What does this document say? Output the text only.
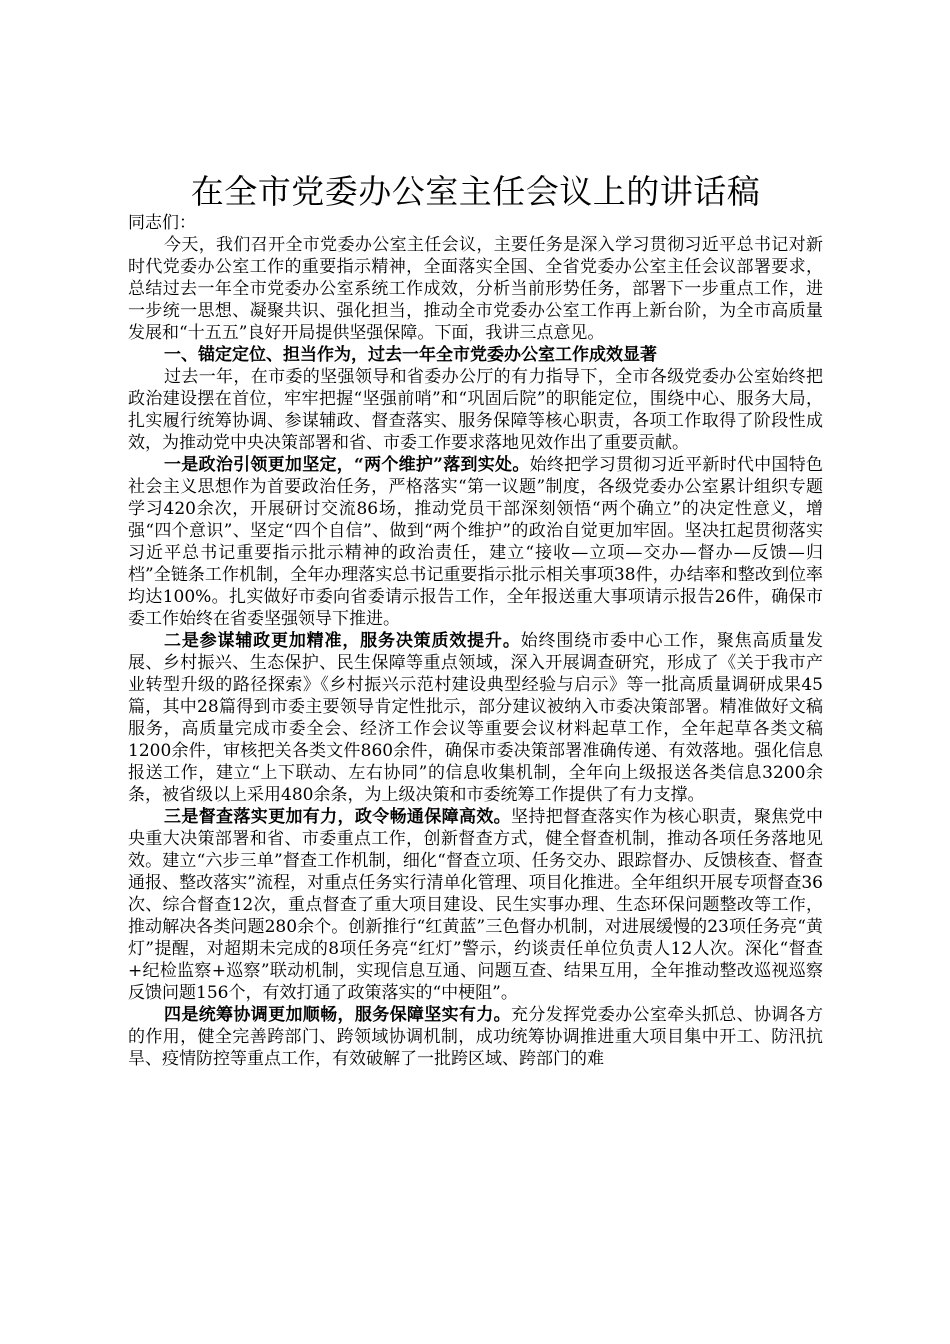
在全市党委办公室主任会议上的讲话稿

同志们：

今天，我们召开全市党委办公室主任会议，主要任务是深入学习贯彻习近平总书记对新时代党委办公室工作的重要指示精神，全面落实全国、全省党委办公室主任会议部署要求，总结过去一年全市党委办公室系统工作成效，分析当前形势任务，部署下一步重点工作，进一步统一思想、凝聚共识、强化担当，推动全市党委办公室工作再上新台阶，为全市高质量发展和“十五五”良好开局提供坚强保障。下面，我讲三点意见。

一、锚定定位、担当作为，过去一年全市党委办公室工作成效显著

过去一年，在市委的坚强领导和省委办公厅的有力指导下，全市各级党委办公室始终把政治建设摆在首位，牢牢把握“坚强前哨”和“巩固后院”的职能定位，围绕中心、服务大局，扎实履行统筹协调、参谋辅政、督查落实、服务保障等核心职责，各项工作取得了阶段性成效，为推动党中央决策部署和省、市委工作要求落地见效作出了重要贡献。

一是政治引领更加坚定，“两个维护”落到实处。始终把学习贯彻习近平新时代中国特色社会主义思想作为首要政治任务，严格落实“第一议题”制度，各级党委办公室累计组织专题学习420余次，开展研讨交流86场，推动党员干部深刻领悟“两个确立”的决定性意义，增强“四个意识”、坚定“四个自信”、做到“两个维护”的政治自觉更加牢固。坚决扛起贯彻落实习近平总书记重要指示批示精神的政治责任，建立“接收—立项—交办—督办—反馈—归档”全链条工作机制，全年办理落实总书记重要指示批示相关事项38件，办结率和整改到位率均达100%。扎实做好市委向省委请示报告工作，全年报送重大事项请示报告26件，确保市委工作始终在省委坚强领导下推进。

二是参谋辅政更加精准，服务决策质效提升。始终围绕市委中心工作，聚焦高质量发展、乡村振兴、生态保护、民生保障等重点领域，深入开展调查研究，形成了《关于我市产业转型升级的路径探索》《乡村振兴示范村建设典型经验与启示》等一批高质量调研成果45篇，其中28篇得到市委主要领导肯定性批示，部分建议被纳入市委决策部署。精准做好文稿服务，高质量完成市委全会、经济工作会议等重要会议材料起草工作，全年起草各类文稿1200余件，审核把关各类文件860余件，确保市委决策部署准确传递、有效落地。强化信息报送工作，建立“上下联动、左右协同”的信息收集机制，全年向上级报送各类信息3200余条，被省级以上采用480余条，为上级决策和市委统筹工作提供了有力支撑。

三是督查落实更加有力，政令畅通保障高效。坚持把督查落实作为核心职责，聚焦党中央重大决策部署和省、市委重点工作，创新督查方式，健全督查机制，推动各项任务落地见效。建立“六步三单”督查工作机制，细化“督查立项、任务交办、跟踪督办、反馈核查、督查通报、整改落实”流程，对重点任务实行清单化管理、项目化推进。全年组织开展专项督查36次、综合督查12次，重点督查了重大项目建设、民生实事办理、生态环保问题整改等工作，推动解决各类问题280余个。创新推行“红黄蓝”三色督办机制，对进展缓慢的23项任务亮“黄灯”提醒，对超期未完成的8项任务亮“红灯”警示，约谈责任单位负责人12人次。深化“督查+纪检监察+巡察”联动机制，实现信息互通、问题互查、结果互用，全年推动整改巡视巡察反馈问题156个，有效打通了政策落实的“中梗阻”。

四是统筹协调更加顺畅，服务保障坚实有力。充分发挥党委办公室牵头抓总、协调各方的作用，健全完善跨部门、跨领域协调机制，成功统筹协调推进重大项目集中开工、防汛抗旱、疫情防控等重点工作，有效破解了一批跨区域、跨部门的难
